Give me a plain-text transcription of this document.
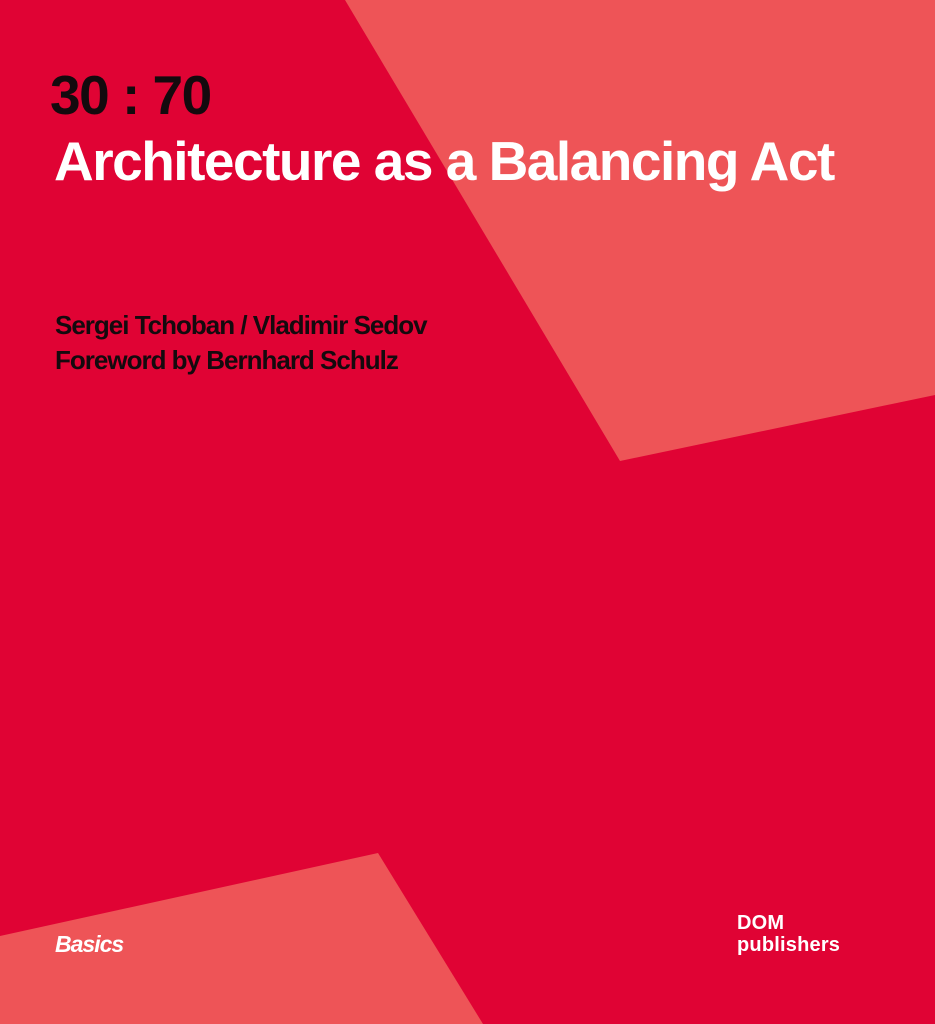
30 : 70
Architecture as a Balancing Act
Sergei Tchoban / Vladimir Sedov
Foreword by Bernhard Schulz
Basics
DOM
publishers
